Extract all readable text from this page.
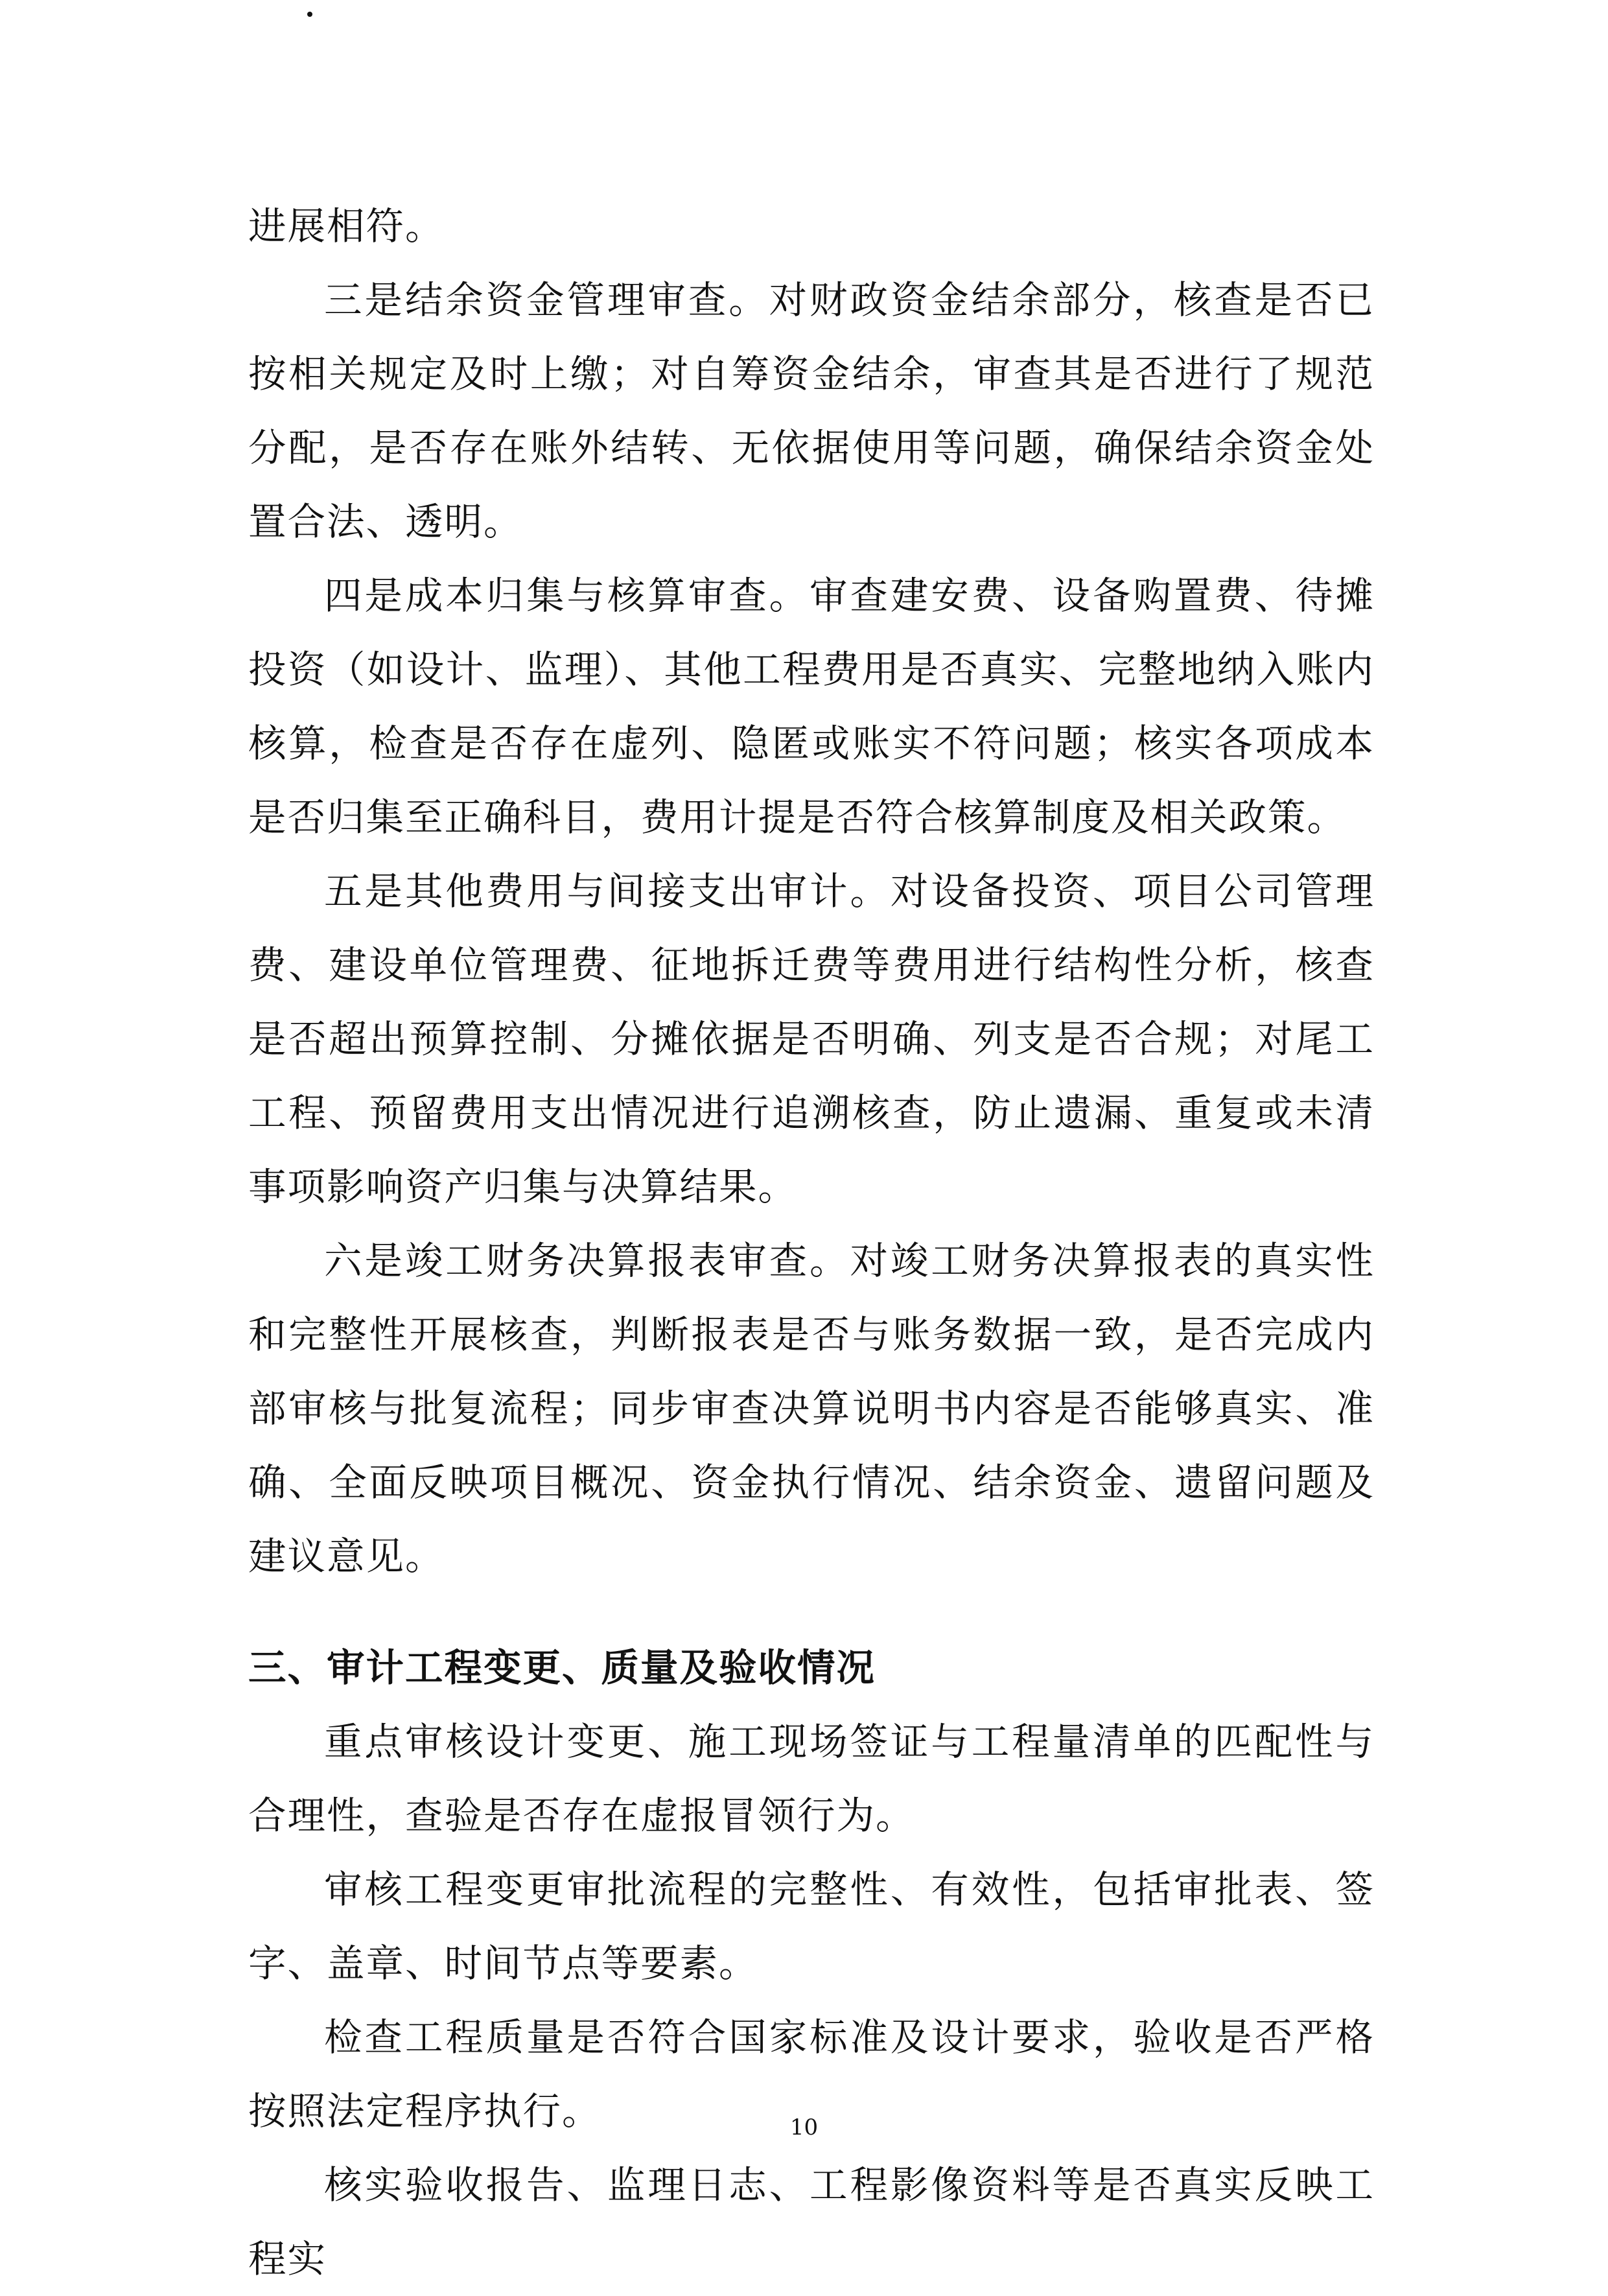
进展相符。

三是结余资金管理审查。对财政资金结余部分，核查是否已按相关规定及时上缴；对自筹资金结余，审查其是否进行了规范分配，是否存在账外结转、无依据使用等问题，确保结余资金处置合法、透明。

四是成本归集与核算审查。审查建安费、设备购置费、待摊投资（如设计、监理）、其他工程费用是否真实、完整地纳入账内核算，检查是否存在虚列、隐匿或账实不符问题；核实各项成本是否归集至正确科目，费用计提是否符合核算制度及相关政策。

五是其他费用与间接支出审计。对设备投资、项目公司管理费、建设单位管理费、征地拆迁费等费用进行结构性分析，核查是否超出预算控制、分摊依据是否明确、列支是否合规；对尾工工程、预留费用支出情况进行追溯核查，防止遗漏、重复或未清事项影响资产归集与决算结果。

六是竣工财务决算报表审查。对竣工财务决算报表的真实性和完整性开展核查，判断报表是否与账务数据一致，是否完成内部审核与批复流程；同步审查决算说明书内容是否能够真实、准确、全面反映项目概况、资金执行情况、结余资金、遗留问题及建议意见。

三、审计工程变更、质量及验收情况

重点审核设计变更、施工现场签证与工程量清单的匹配性与合理性，查验是否存在虚报冒领行为。

审核工程变更审批流程的完整性、有效性，包括审批表、签字、盖章、时间节点等要素。

检查工程质量是否符合国家标准及设计要求，验收是否严格按照法定程序执行。

核实验收报告、监理日志、工程影像资料等是否真实反映工程实

10
